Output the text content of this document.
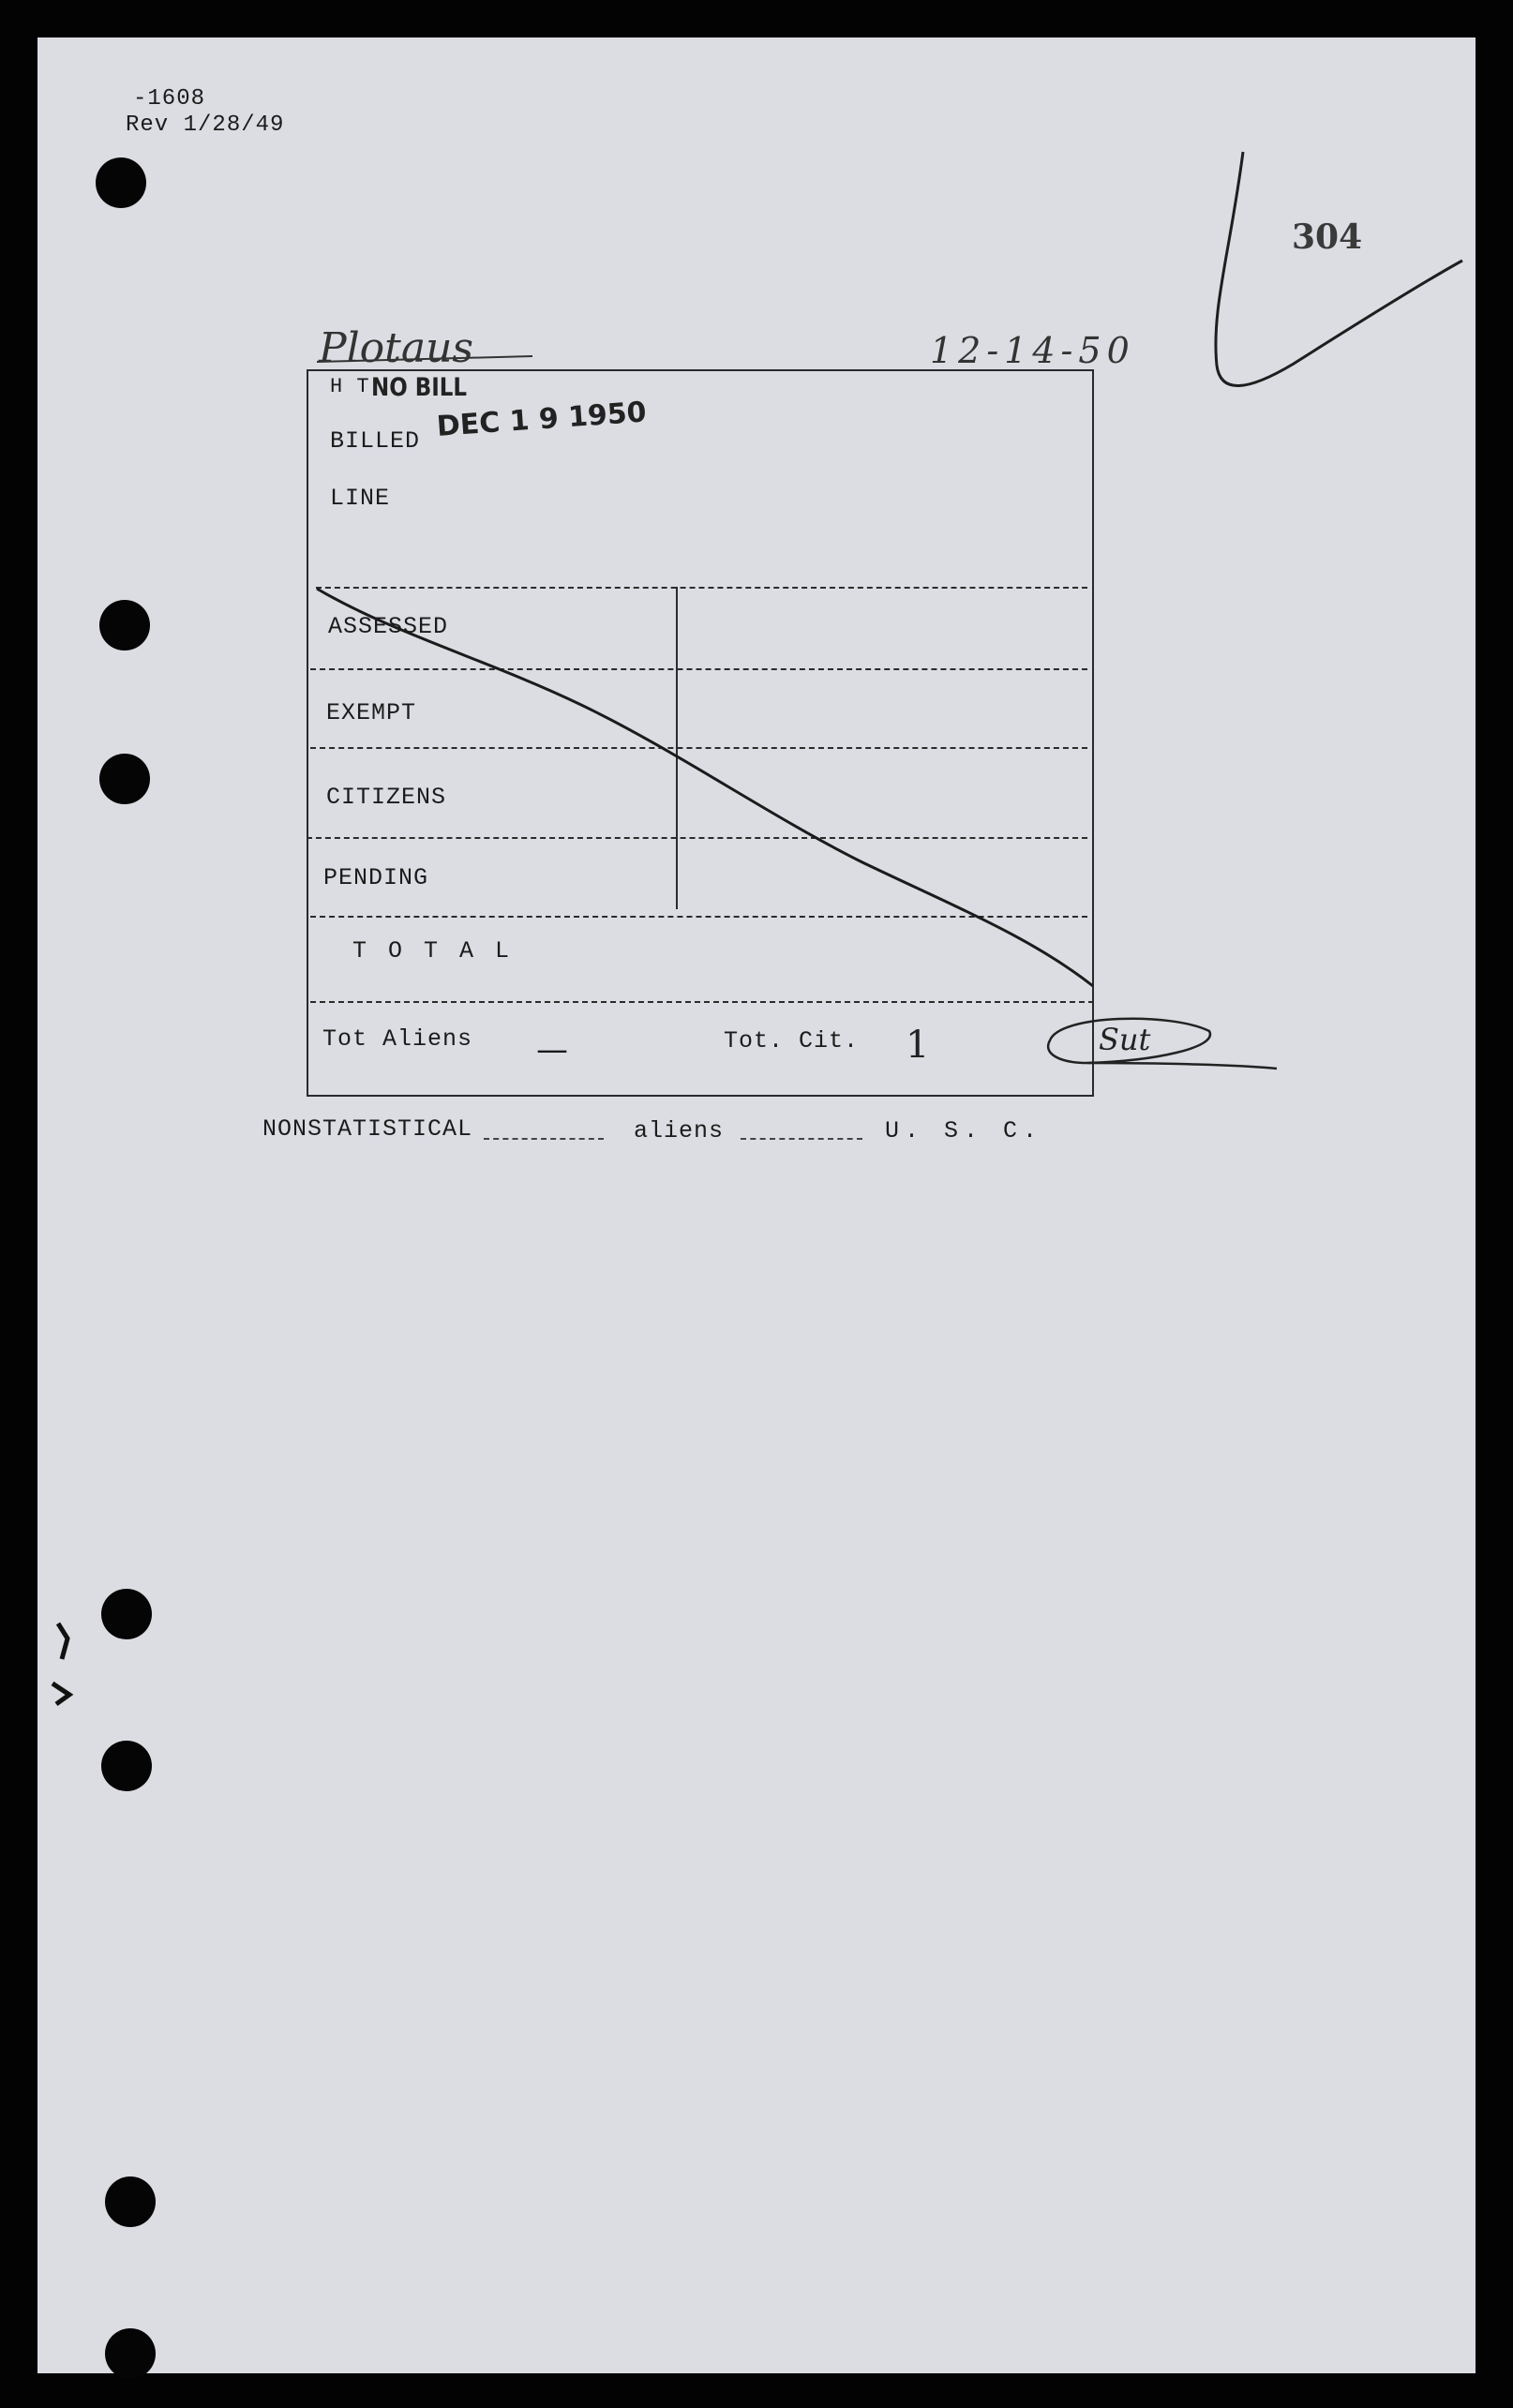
-1608
Rev 1/28/49
304
Plotaus	12-14-50
H T NO BILL
BILLED DEC 1 9 1950
LINE
ASSESSED
EXEMPT
CITIZENS
PENDING
T O T A L
Tot Aliens —	Tot. Cit. 1	Sut
NONSTATISTICAL	aliens	U. S. C.
